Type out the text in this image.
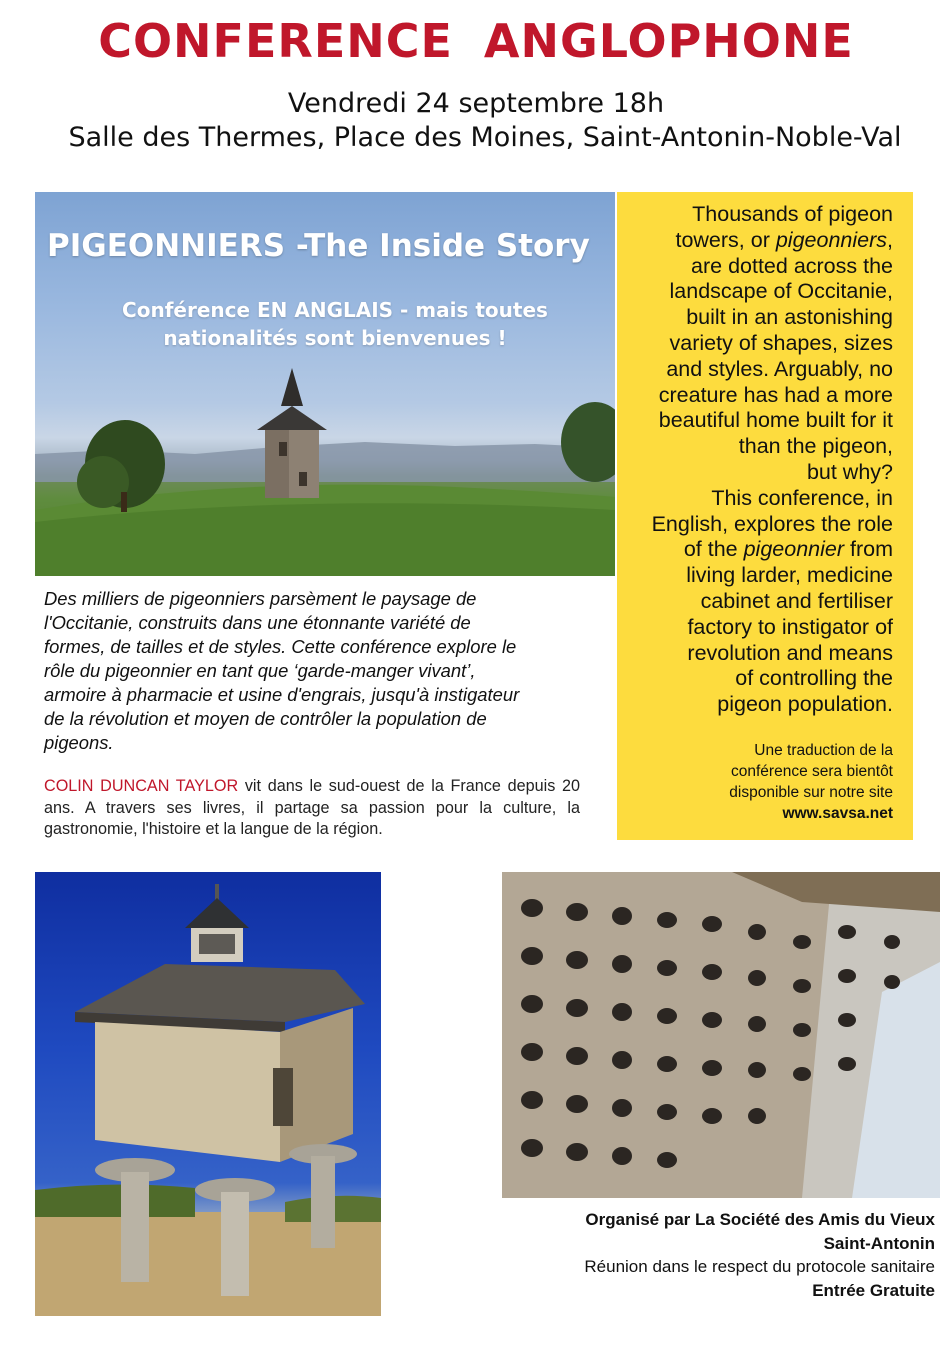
CONFERENCE ANGLOPHONE
Vendredi 24 septembre 18h
Salle des Thermes, Place des Moines, Saint-Antonin-Noble-Val
PIGEONNIERS -The Inside Story
Conférence EN ANGLAIS - mais toutes
nationalités sont bienvenues !
Thousands of pigeon
towers, or pigeonniers,
are dotted across the
landscape of Occitanie,
built in an astonishing
variety of shapes, sizes
and styles. Arguably, no
creature has had a more
beautiful home built for it
than the pigeon,
but why?
This conference, in
English, explores the role
of the pigeonnier from
living larder, medicine
cabinet and fertiliser
factory to instigator of
revolution and means
of controlling the
pigeon population.
Une traduction de la
conférence sera bientôt
disponible sur notre site
www.savsa.net
Des milliers de pigeonniers parsèment le paysage de
l'Occitanie, construits dans une étonnante variété de
formes, de tailles et de styles. Cette conférence explore le
rôle du pigeonnier en tant que ‘garde-manger vivant’,
armoire à pharmacie et usine d'engrais, jusqu'à instigateur
de la révolution et moyen de contrôler la population de
pigeons.
COLIN DUNCAN TAYLOR vit dans le sud-ouest de la France depuis 20 ans. A travers ses livres, il partage sa passion pour la culture, la gastronomie, l'histoire et la langue de la région.
Organisé par La Société des Amis du Vieux
Saint-Antonin
Réunion dans le respect du protocole sanitaire
Entrée Gratuite
